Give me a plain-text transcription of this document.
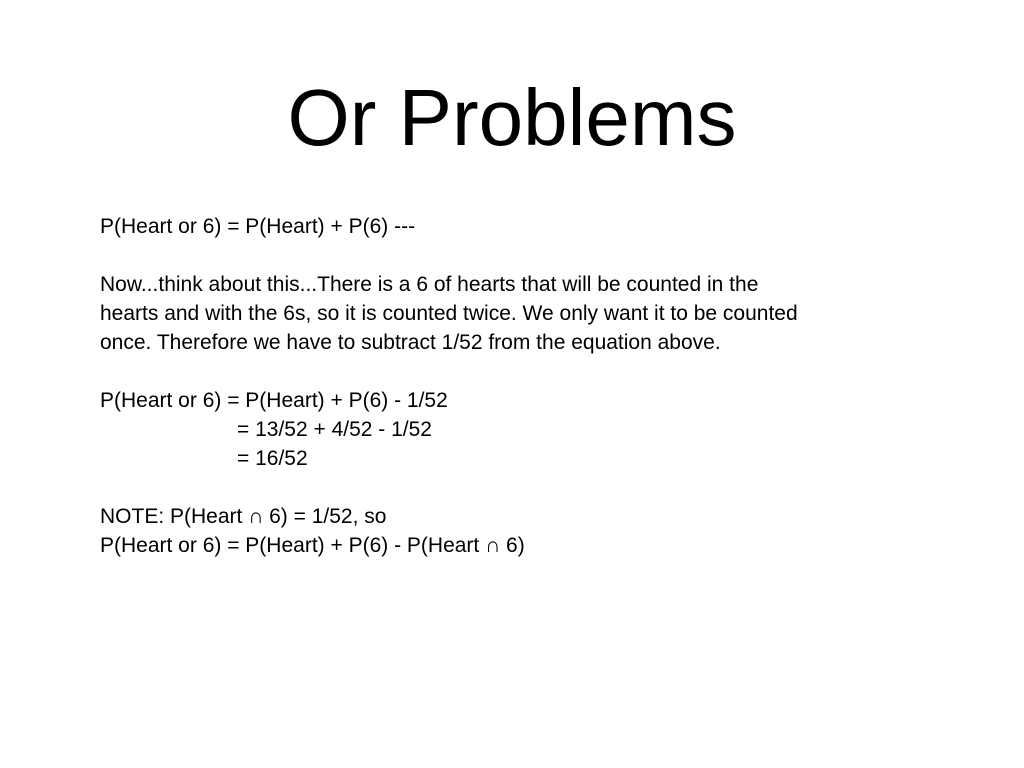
Or Problems
P(Heart or 6) = P(Heart) + P(6) ---
Now...think about this...There is a 6 of hearts that will be counted in the
hearts and with the 6s, so it is counted twice. We only want it to be counted
once. Therefore we have to subtract 1/52 from the equation above.
P(Heart or 6) = P(Heart) + P(6) - 1/52
= 13/52 + 4/52 - 1/52
= 16/52
NOTE: P(Heart ∩ 6) = 1/52, so
P(Heart or 6) = P(Heart) + P(6) - P(Heart ∩ 6)
